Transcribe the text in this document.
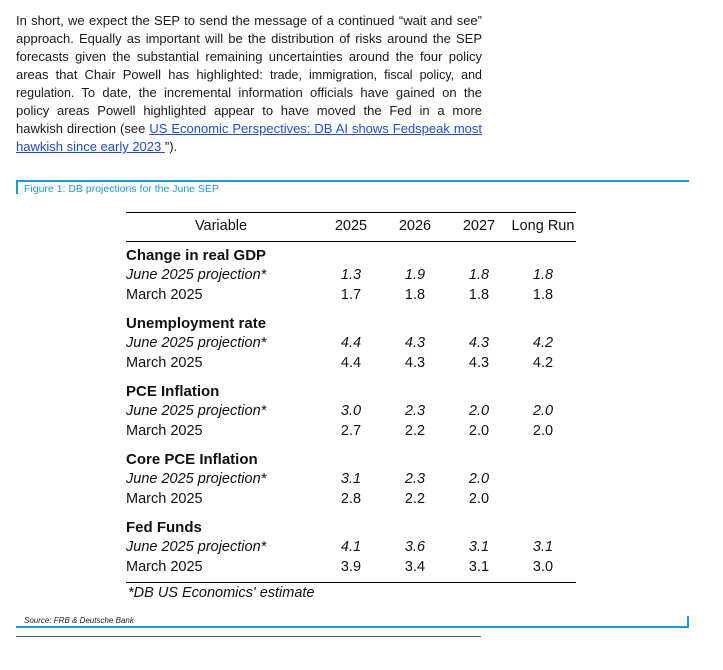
In short, we expect the SEP to send the message of a continued “wait and see” approach. Equally as important will be the distribution of risks around the SEP forecasts given the substantial remaining uncertainties around the four policy areas that Chair Powell has highlighted: trade, immigration, fiscal policy, and regulation. To date, the incremental information officials have gained on the policy areas Powell highlighted appear to have moved the Fed in a more hawkish direction (see US Economic Perspectives: DB AI shows Fedspeak most hawkish since early 2023 ”).
Figure 1: DB projections for the June SEP
Variable	2025	2026	2027	Long Run
Change in real GDP
June 2025 projection*	1.3	1.9	1.8	1.8
March 2025	1.7	1.8	1.8	1.8
Unemployment rate
June 2025 projection*	4.4	4.3	4.3	4.2
March 2025	4.4	4.3	4.3	4.2
PCE Inflation
June 2025 projection*	3.0	2.3	2.0	2.0
March 2025	2.7	2.2	2.0	2.0
Core PCE Inflation
June 2025 projection*	3.1	2.3	2.0
March 2025	2.8	2.2	2.0
Fed Funds
June 2025 projection*	4.1	3.6	3.1	3.1
March 2025	3.9	3.4	3.1	3.0
*DB US Economics' estimate
Source: FRB & Deutsche Bank
